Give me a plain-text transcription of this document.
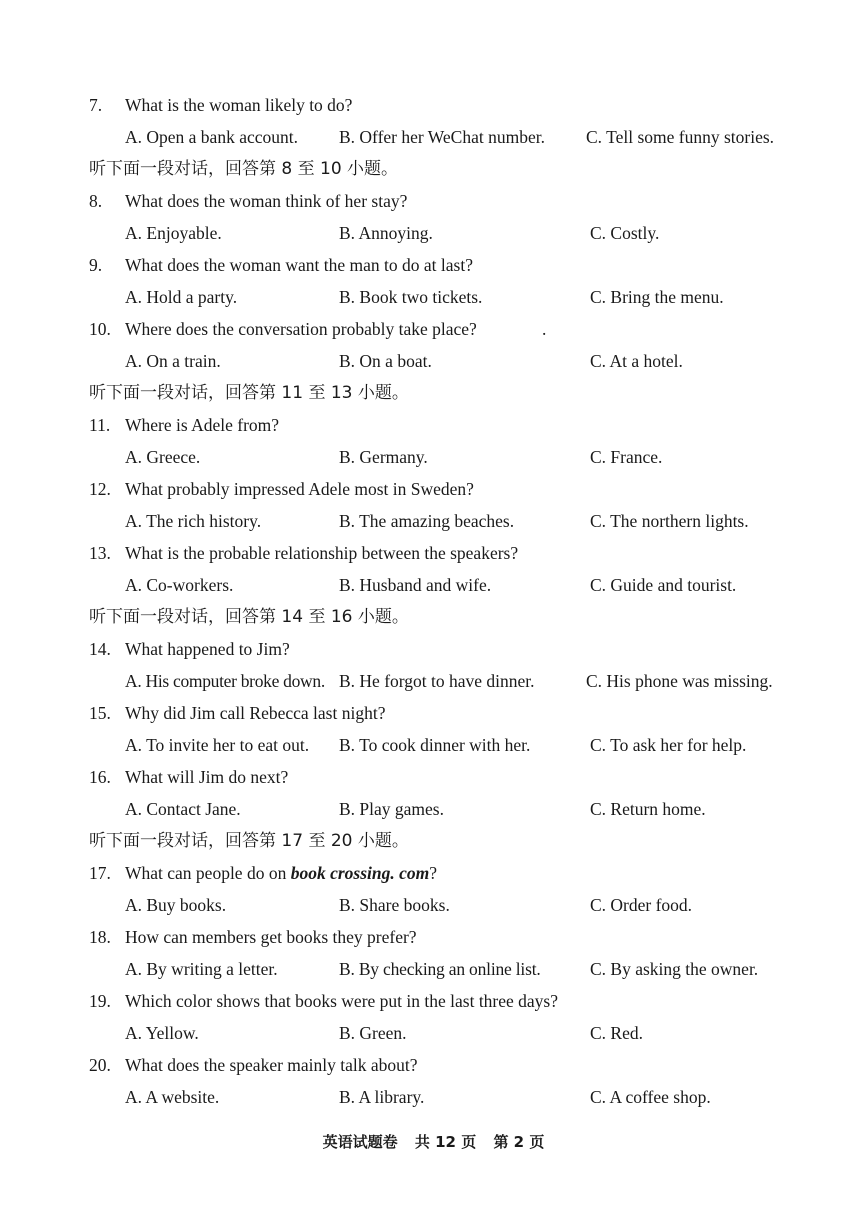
7. What is the woman likely to do?
A. Open a bank account. B. Offer her WeChat number. C. Tell some funny stories.
听下面一段对话，回答第 8 至 10 小题。
8. What does the woman think of her stay?
A. Enjoyable.	B. Annoying.	C. Costly.
9. What does the woman want the man to do at last?
A. Hold a party.	B. Book two tickets.	C. Bring the menu.
10. Where does the conversation probably take place?	.
A. On a train.	B. On a boat.	C. At a hotel.
听下面一段对话，回答第 11 至 13 小题。
11. Where is Adele from?
A. Greece.	B. Germany.	C. France.
12. What probably impressed Adele most in Sweden?
A. The rich history.	B. The amazing beaches.	C. The northern lights.
13. What is the probable relationship between the speakers?
A. Co-workers.	B. Husband and wife.	C. Guide and tourist.
听下面一段对话，回答第 14 至 16 小题。
14. What happened to Jim?
A. His computer broke down. B. He forgot to have dinner.	C. His phone was missing.
15. Why did Jim call Rebecca last night?
A. To invite her to eat out. B. To cook dinner with her.	C. To ask her for help.
16. What will Jim do next?
A. Contact Jane.	B. Play games.	C. Return home.
听下面一段对话，回答第 17 至 20 小题。
17. What can people do on book crossing. com?
A. Buy books.	B. Share books.	C. Order food.
18. How can members get books they prefer?
A. By writing a letter.	B. By checking an online list.	C. By asking the owner.
19. Which color shows that books were put in the last three days?
A. Yellow.	B. Green.	C. Red.
20. What does the speaker mainly talk about?
A. A website.	B. A library.	C. A coffee shop.
英语试题卷 共 12 页 第 2 页
